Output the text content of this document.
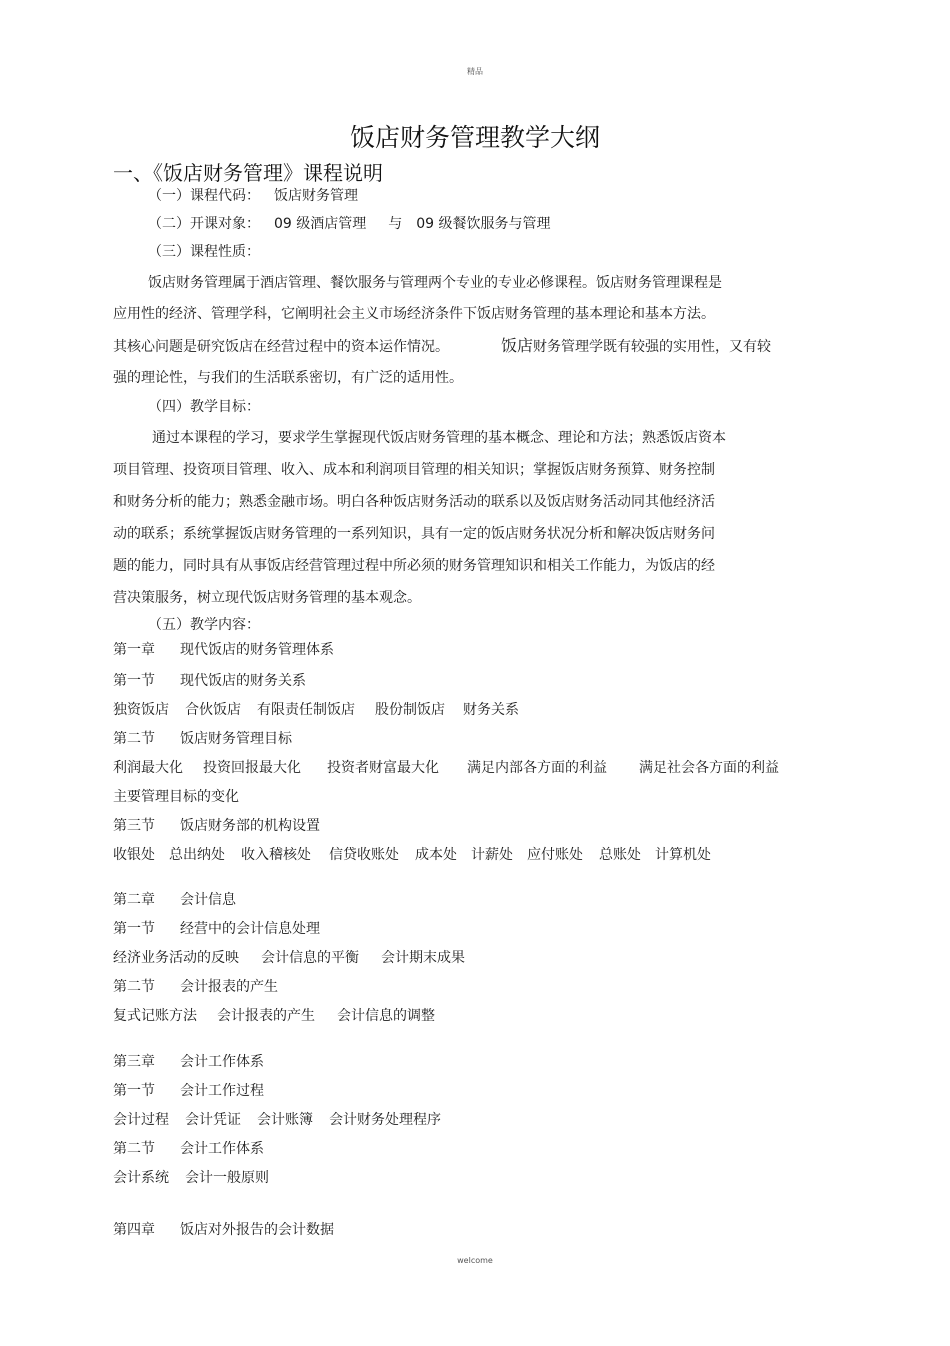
精品
welcome
饭店财务管理教学大纲
一、《饭店财务管理》课程说明
（一）课程代码： 饭店财务管理
（二）开课对象： 09 级酒店管理 与 09 级餐饮服务与管理
（三）课程性质：
饭店财务管理属于酒店管理、餐饮服务与管理两个专业的专业必修课程。饭店财务管理课程是
应用性的经济、管理学科，它阐明社会主义市场经济条件下饭店财务管理的基本理论和基本方法。
其核心问题是研究饭店在经营过程中的资本运作情况。	饭店财务管理学既有较强的实用性，又有较
强的理论性，与我们的生活联系密切，有广泛的适用性。
（四）教学目标：
通过本课程的学习，要求学生掌握现代饭店财务管理的基本概念、理论和方法；熟悉饭店资本
项目管理、投资项目管理、收入、成本和利润项目管理的相关知识；掌握饭店财务预算、财务控制
和财务分析的能力；熟悉金融市场。明白各种饭店财务活动的联系以及饭店财务活动同其他经济活
动的联系；系统掌握饭店财务管理的一系列知识，具有一定的饭店财务状况分析和解决饭店财务问
题的能力，同时具有从事饭店经营管理过程中所必须的财务管理知识和相关工作能力，为饭店的经
营决策服务，树立现代饭店财务管理的基本观念。
（五）教学内容：
第一章 现代饭店的财务管理体系
第一节 现代饭店的财务关系
独资饭店 合伙饭店 有限责任制饭店 股份制饭店 财务关系
第二节 饭店财务管理目标
利润最大化 投资回报最大化 投资者财富最大化 满足内部各方面的利益 满足社会各方面的利益
主要管理目标的变化
第三节 饭店财务部的机构设置
收银处 总出纳处 收入稽核处 信贷收账处 成本处 计薪处 应付账处 总账处 计算机处
第二章 会计信息
第一节 经营中的会计信息处理
经济业务活动的反映 会计信息的平衡 会计期末成果
第二节 会计报表的产生
复式记账方法 会计报表的产生 会计信息的调整
第三章 会计工作体系
第一节 会计工作过程
会计过程 会计凭证 会计账簿 会计财务处理程序
第二节 会计工作体系
会计系统 会计一般原则
第四章 饭店对外报告的会计数据
